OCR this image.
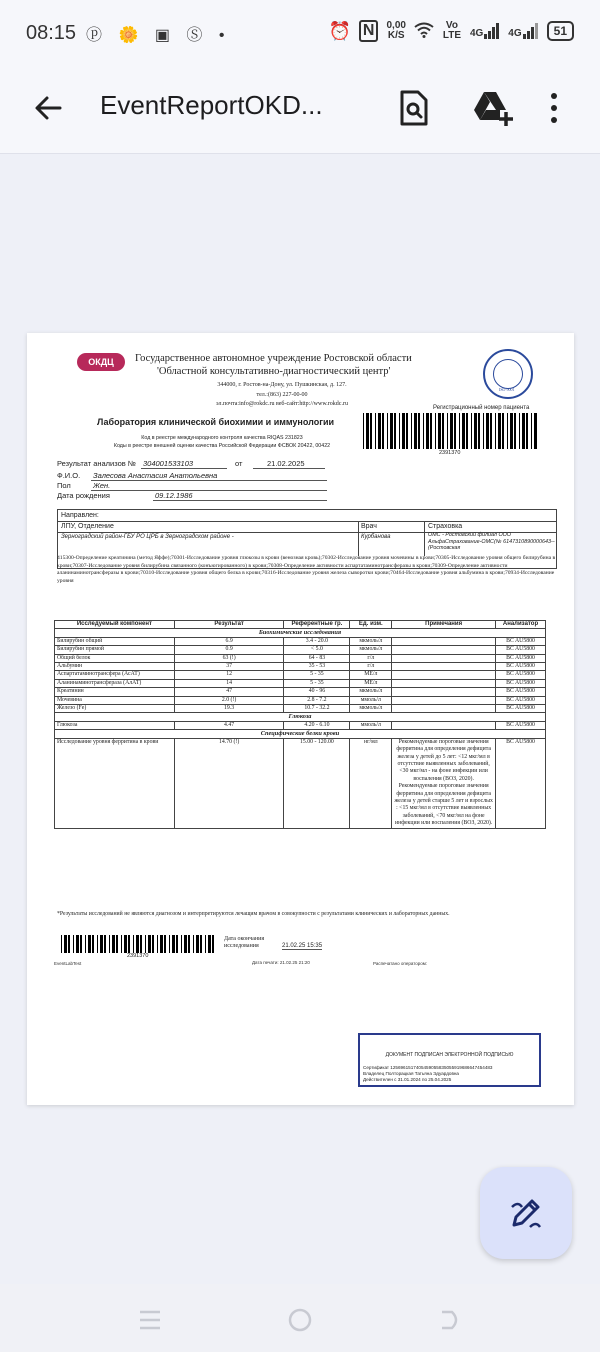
08:15 ⓟ 🌼 ▣ Ⓢ •	⏰ N	0,00
K/S
Vo LTE 4G	4G	51
EventReportOKD...
ОКДЦ	Государственное автономное учреждение Ростовской области
'Областной консультативно-диагностический центр'
344000, г. Ростов-на-Дону, ул. Пушкинская, д. 127.
тел.:(863) 227-00-00
эл.почта:info@rokdc.ru веб-сайт:http://www.rokdc.ru
ISO 9001
Регистрационный номер пациента
Лаборатория клинической биохимии и иммунологии
Код в реестре международного контроля качества RIQAS 231823
Коды в реестре внешней оценки качества Российской Федерации ФСВОК 20422, 00422
2391370
Результат анализов № 304001533103	от	21.02.2025
Ф.И.О. Залесова Анастасия Анатольевна
Пол	Жен.
Дата рождения	09.12.1986
Направлен:
ЛПУ, Отделение	Врач	Страховка
Зерноградский район-ГБУ РО ЦРБ в Зерноградском районе -	Курбанова	ОМС - Ростовский филиал ООО АльфаСтрахование-ОМС(№ 6147310890000643--(Ростовская
415300-Определение креатинина (метод Яффе);70301-Исследование уровня глюкозы в крови (венозная кровь);70302-Исследование уровня мочевины в крови;70305-Исследование уровня общего билирубина в крови;70307-Исследование уровня билирубина связанного (конъюгированного) в крови;70308-Определение активности аспартатаминотрансферазы в крови;70309-Определение активности аланинаминотрансферазы в крови;70310-Исследование уровня общего белка в крови;70316-Исследование уровня железа сыворотки крови;70464-Исследование уровня альбумина в крови;70934-Исследование уровня
Исследуемый компонент	Результат	Референтные гр.	Ед. изм.	Примечания	Анализатор
Биохимические исследования					
Билирубин общий	6.9	3.4 - 20.0	мкмоль/л		BC AU5800
Билирубин прямой	0.9	< 5.0	мкмоль/л		BC AU5800
Общий белок	63 (!)	64 - 83	г/л		BC AU5800
Альбумин	37	35 - 53	г/л		BC AU5800
Аспартатаминотрансфера (АсАТ)	12	5 - 35	МЕ/л		BC AU5800
Аланинаминотрансфераза (АлАТ)	14	5 - 35	МЕ/л		BC AU5800
Креатинин	47	40 - 96	мкмоль/л		BC AU5800
Мочевина	2.0 (!)	2.8 - 7.2	ммоль/л		BC AU5800
Железо (Fe)	19.3	10.7 - 32.2	мкмоль/л		BC AU5800
Глюкоза					
Глюкоза	4.47	4.20 - 6.10	ммоль/л		BC AU5800
Специфические белки крови					
Исследование уровня ферритина в крови	14.70 (!)	15.00 - 120.00	нг/мл	Рекомендуемые пороговые значения ферритина для определения дефицита железа у детей до 5 лет: <12 мкг/мл в отсутствие выявленных заболеваний, <30 мкг/мл - на фоне инфекции или воспаления (ВОЗ, 2020). Рекомендуемые пороговые значения ферритина для определения дефицита железа у детей старше 5 лет и взрослых : <15 мкг/мл в отсутствие выявленных заболеваний, <70 мкг/мл на фоне инфекции или воспаления (ВОЗ, 2020).	BC AU5800
*Результаты исследований не являются диагнозом и интерпретируются лечащим врачом в совокупности с результатами клинических и лабораторных данных.
2391370
Дата окончания исследования	21.02.25 15:35
EventLabTest	Дата печати: 21.02.25 21:20	Распечатано оператором:
ДОКУМЕНТ ПОДПИСАН ЭЛЕКТРОННОЙ ПОДПИСЬЮ
Сертификат 1256961517405459055835055919686647454483
Владелец Полторацкая Татьяна Эдуардовна
Действителен с 31.01.2024 по 25.04.2025
